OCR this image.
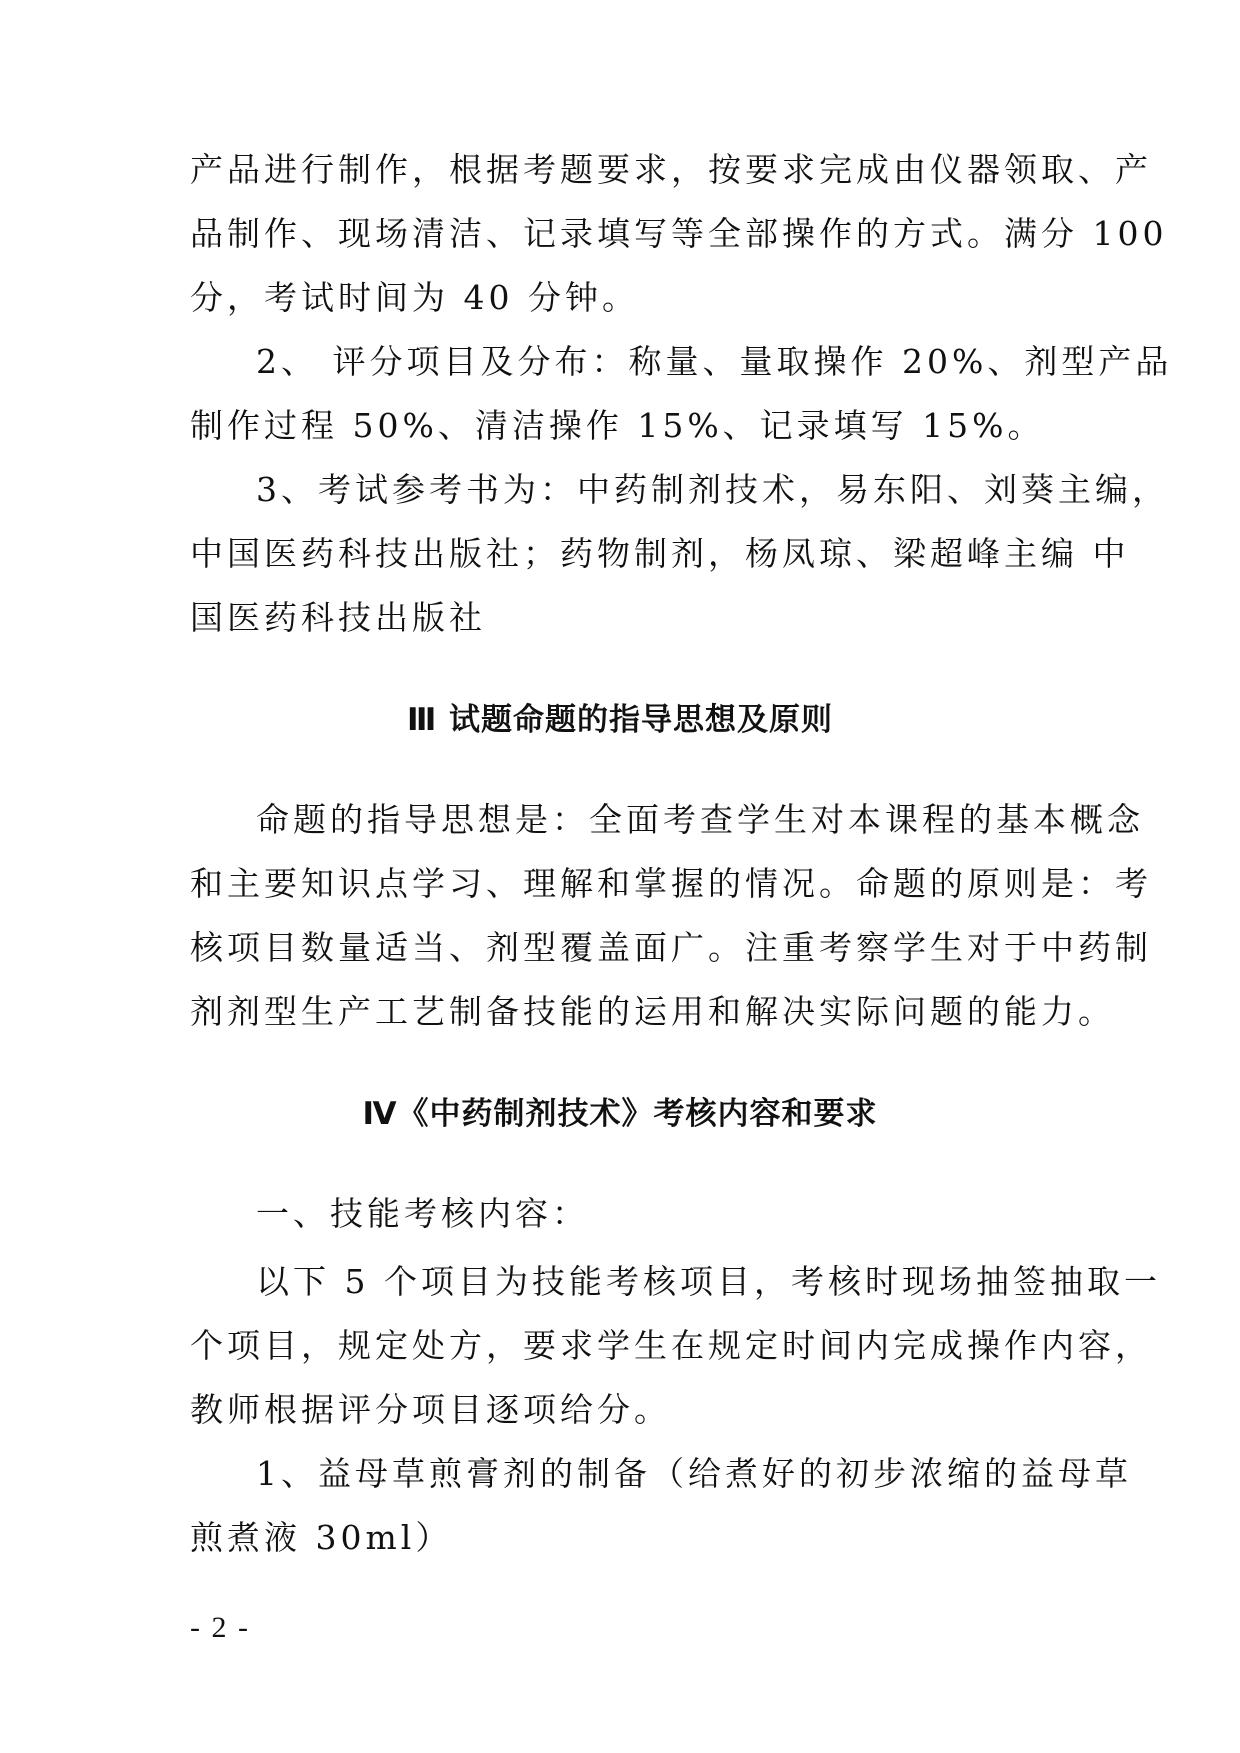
产品进行制作，根据考题要求，按要求完成由仪器领取、产
品制作、现场清洁、记录填写等全部操作的方式。满分 100
分，考试时间为 40 分钟。
2、 评分项目及分布：称量、量取操作 20%、剂型产品
制作过程 50%、清洁操作 15%、记录填写 15%。
3、考试参考书为：中药制剂技术，易东阳、刘葵主编，
中国医药科技出版社；药物制剂，杨凤琼、梁超峰主编 中
国医药科技出版社
Ⅲ 试题命题的指导思想及原则
命题的指导思想是：全面考查学生对本课程的基本概念
和主要知识点学习、理解和掌握的情况。命题的原则是：考
核项目数量适当、剂型覆盖面广。注重考察学生对于中药制
剂剂型生产工艺制备技能的运用和解决实际问题的能力。
Ⅳ《中药制剂技术》考核内容和要求
一、技能考核内容：
以下 5 个项目为技能考核项目，考核时现场抽签抽取一
个项目，规定处方，要求学生在规定时间内完成操作内容，
教师根据评分项目逐项给分。
1、益母草煎膏剂的制备（给煮好的初步浓缩的益母草
煎煮液 30ml）
- 2 -
